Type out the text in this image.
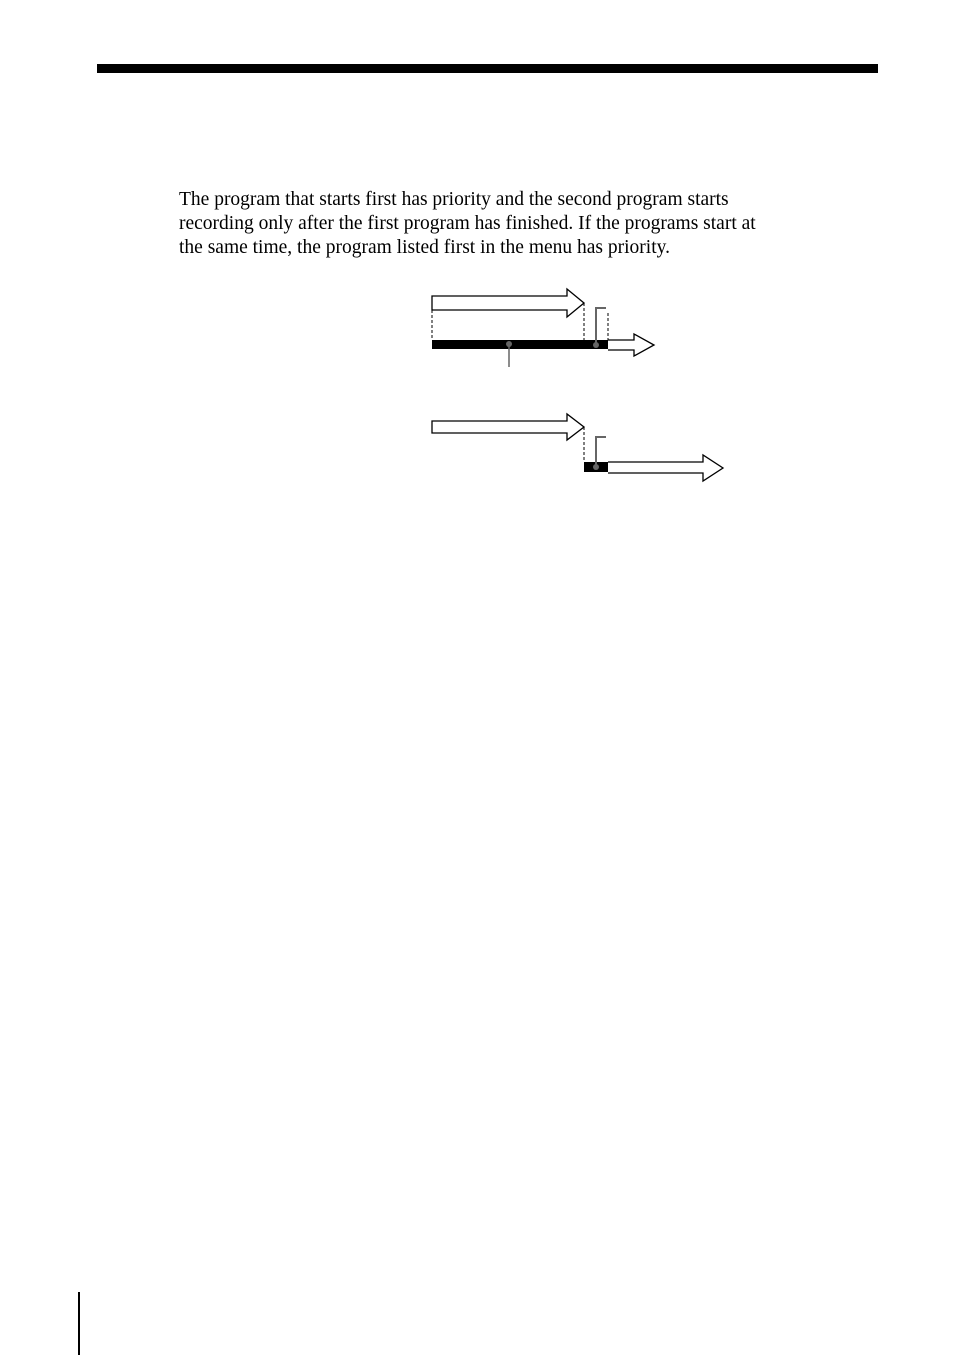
The program that starts first has priority and the second program starts
recording only after the first program has finished. If the programs start at
the same time, the program listed first in the menu has priority.
